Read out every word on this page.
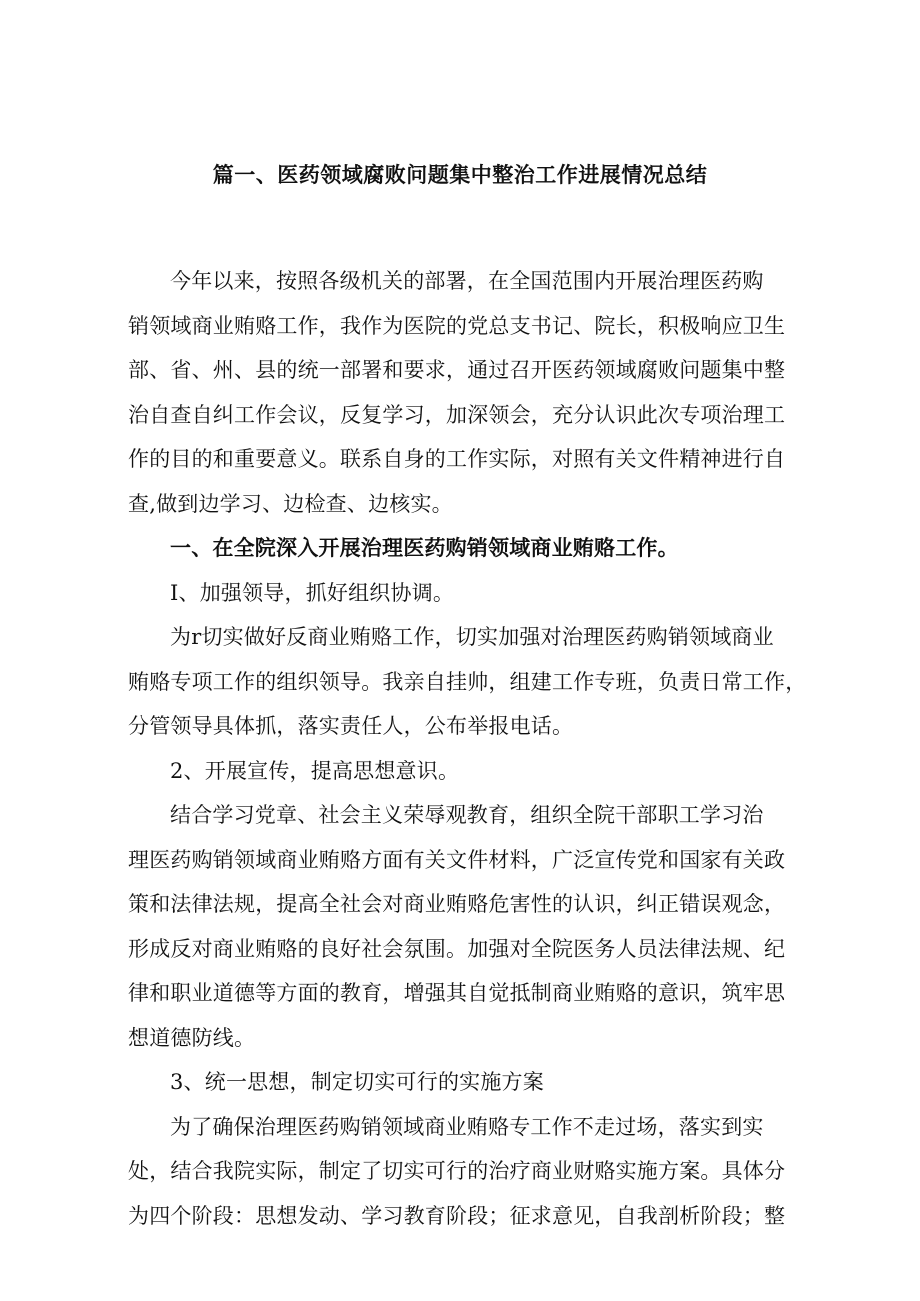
篇一、医药领域腐败问题集中整治工作进展情况总结

今年以来，按照各级机关的部署，在全国范围内开展治理医药购
销领域商业贿赂工作，我作为医院的党总支书记、院长，积极响应卫生
部、省、州、县的统一部署和要求，通过召开医药领域腐败问题集中整
治自查自纠工作会议，反复学习，加深领会，充分认识此次专项治理工
作的目的和重要意义。联系自身的工作实际，对照有关文件精神进行自
查,做到边学习、边检查、边核实。

一、在全院深入开展治理医药购销领域商业贿赂工作。

I、加强领导，抓好组织协调。

为r切实做好反商业贿赂工作，切实加强对治理医药购销领域商业
贿赂专项工作的组织领导。我亲自挂帅，组建工作专班，负责日常工作，
分管领导具体抓，落实责任人，公布举报电话。

2、开展宣传，提高思想意识。

结合学习党章、社会主义荣辱观教育，组织全院干部职工学习治
理医药购销领域商业贿赂方面有关文件材料，广泛宣传党和国家有关政
策和法律法规，提高全社会对商业贿赂危害性的认识，纠正错误观念，
形成反对商业贿赂的良好社会氛围。加强对全院医务人员法律法规、纪
律和职业道德等方面的教育，增强其自觉抵制商业贿赂的意识，筑牢思
想道德防线。

3、统一思想，制定切实可行的实施方案

为了确保治理医药购销领域商业贿赂专工作不走过场，落实到实
处，结合我院实际，制定了切实可行的治疗商业财赂实施方案。具体分
为四个阶段：思想发动、学习教育阶段；征求意见，自我剖析阶段；整
